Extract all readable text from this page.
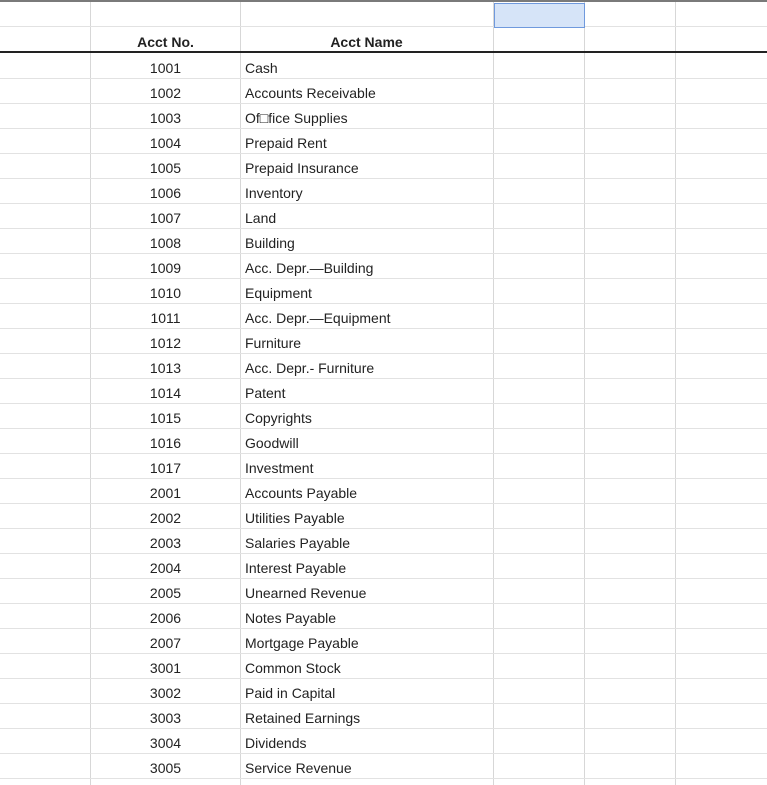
Acct No.	Acct Name
1001	Cash
1002	Accounts Receivable
1003	Of□fice Supplies
1004	Prepaid Rent
1005	Prepaid Insurance
1006	Inventory
1007	Land
1008	Building
1009	Acc. Depr.—Building
1010	Equipment
1011	Acc. Depr.—Equipment
1012	Furniture
1013	Acc. Depr.- Furniture
1014	Patent
1015	Copyrights
1016	Goodwill
1017	Investment
2001	Accounts Payable
2002	Utilities Payable
2003	Salaries Payable
2004	Interest Payable
2005	Unearned Revenue
2006	Notes Payable
2007	Mortgage Payable
3001	Common Stock
3002	Paid in Capital
3003	Retained Earnings
3004	Dividends
3005	Service Revenue
